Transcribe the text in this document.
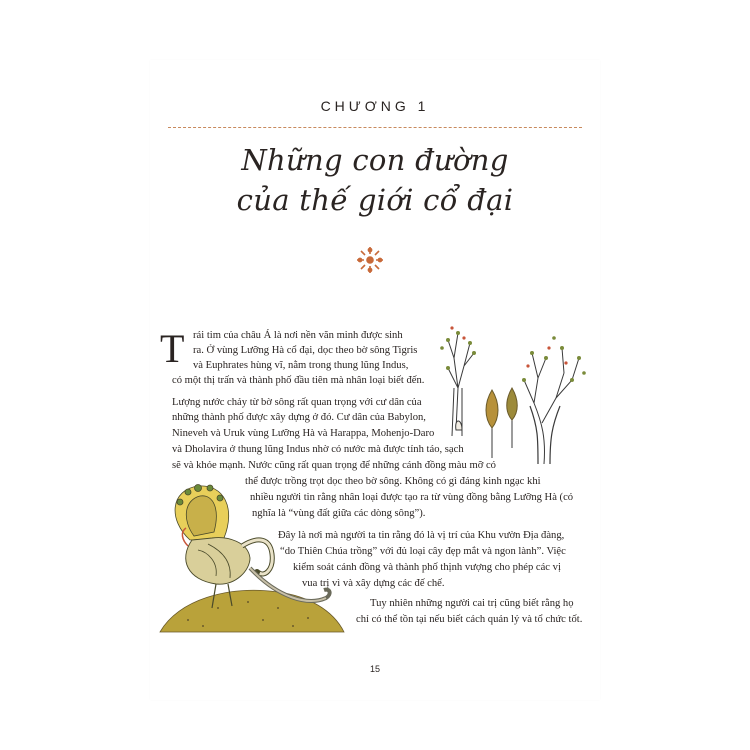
CHƯƠNG 1
Những con đường
của thế giới cổ đại
T rái tim của châu Á là nơi nền văn minh được sinh
ra. Ở vùng Lưỡng Hà cổ đại, dọc theo bờ sông Tigris
và Euphrates hùng vĩ, nằm trong thung lũng Indus,
có một thị trấn và thành phố đầu tiên mà nhân loại biết đến.
Lượng nước chảy từ bờ sông rất quan trọng với cư dân của
những thành phố được xây dựng ở đó. Cư dân của Babylon,
Nineveh và Uruk vùng Lưỡng Hà và Harappa, Mohenjo-Daro
và Dholavira ở thung lũng Indus nhờ có nước mà được tỉnh táo, sạch
sẽ và khỏe mạnh. Nước cũng rất quan trọng để những cánh đồng màu mỡ có
thể được trồng trọt dọc theo bờ sông. Không có gì đáng kinh ngạc khi
nhiều người tin rằng nhân loại được tạo ra từ vùng đồng bằng Lưỡng Hà (có
nghĩa là “vùng đất giữa các dòng sông”).
Đây là nơi mà người ta tin rằng đó là vị trí của Khu vườn Địa đàng,
“do Thiên Chúa trồng” với đủ loại cây đẹp mắt và ngon lành”. Việc
kiểm soát cánh đồng và thành phố thịnh vượng cho phép các vị
vua trị vì và xây dựng các đế chế.
Tuy nhiên những người cai trị cũng biết rằng họ
chỉ có thể tồn tại nếu biết cách quản lý và tổ chức tốt.
15
